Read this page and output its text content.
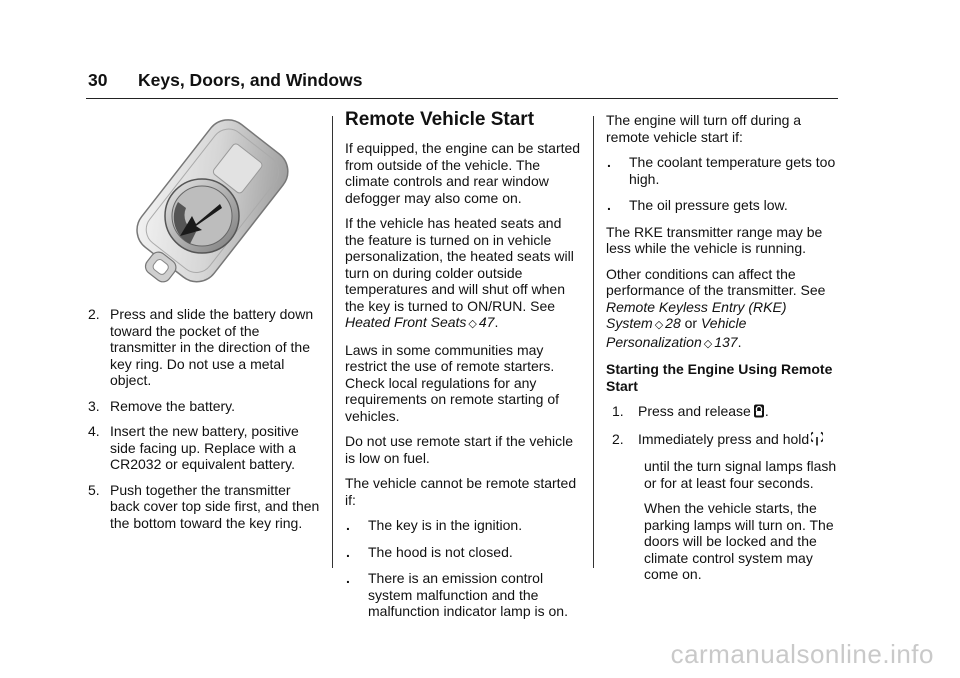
30 Keys, Doors, and Windows
2. Press and slide the battery down toward the pocket of the transmitter in the direction of the key ring. Do not use a metal object.
3. Remove the battery.
4. Insert the new battery, positive side facing up. Replace with a CR2032 or equivalent battery.
5. Push together the transmitter back cover top side first, and then the bottom toward the key ring.
Remote Vehicle Start

If equipped, the engine can be started from outside of the vehicle. The climate controls and rear window defogger may also come on.

If the vehicle has heated seats and the feature is turned on in vehicle personalization, the heated seats will turn on during colder outside temperatures and will shut off when the key is turned to ON/RUN. See Heated Front Seats ◇ 47.

Laws in some communities may restrict the use of remote starters. Check local regulations for any requirements on remote starting of vehicles.

Do not use remote start if the vehicle is low on fuel.

The vehicle cannot be remote started if:

.	The key is in the ignition.
.	The hood is not closed.
.	There is an emission control system malfunction and the malfunction indicator lamp is on.

The engine will turn off during a remote vehicle start if:

.	The coolant temperature gets too high.
.	The oil pressure gets low.

The RKE transmitter range may be less while the vehicle is running.

Other conditions can affect the performance of the transmitter. See Remote Keyless Entry (RKE) System ◇ 28 or Vehicle Personalization ◇ 137.

Starting the Engine Using Remote Start

1.	Press and release .
2.	Immediately press and hold

until the turn signal lamps flash or for at least four seconds.

When the vehicle starts, the parking lamps will turn on. The doors will be locked and the climate control system may come on.

carmanualsonline.info
